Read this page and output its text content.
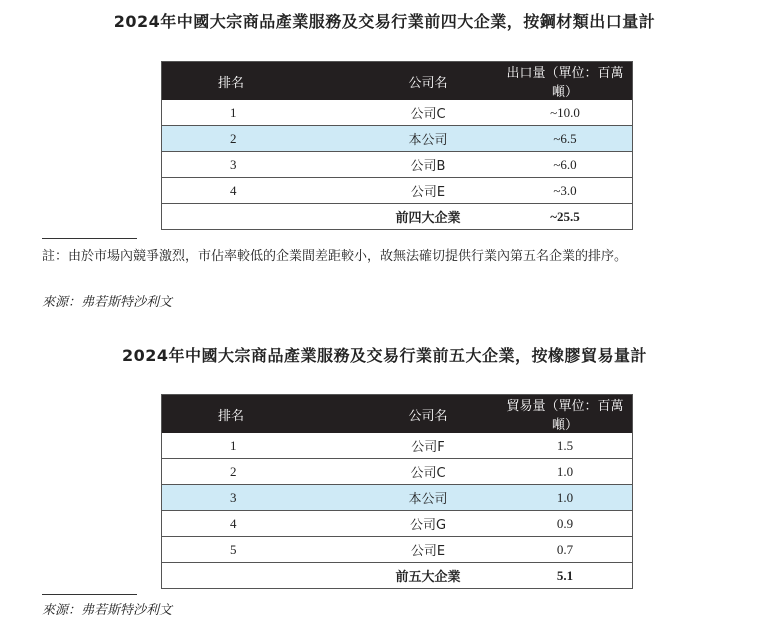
2024年中國大宗商品產業服務及交易行業前四大企業，按鋼材類出口量計
排名	公司名	出口量（單位：百萬噸）
1	公司C	~10.0
2	本公司	~6.5
3	公司B	~6.0
4	公司E	~3.0
	前四大企業	~25.5
註：由於市場內競爭激烈，市佔率較低的企業間差距較小，故無法確切提供行業內第五名企業的排序。
來源：弗若斯特沙利文
2024年中國大宗商品產業服務及交易行業前五大企業，按橡膠貿易量計
排名	公司名	貿易量（單位：百萬噸）
1	公司F	1.5
2	公司C	1.0
3	本公司	1.0
4	公司G	0.9
5	公司E	0.7
	前五大企業	5.1
來源：弗若斯特沙利文
